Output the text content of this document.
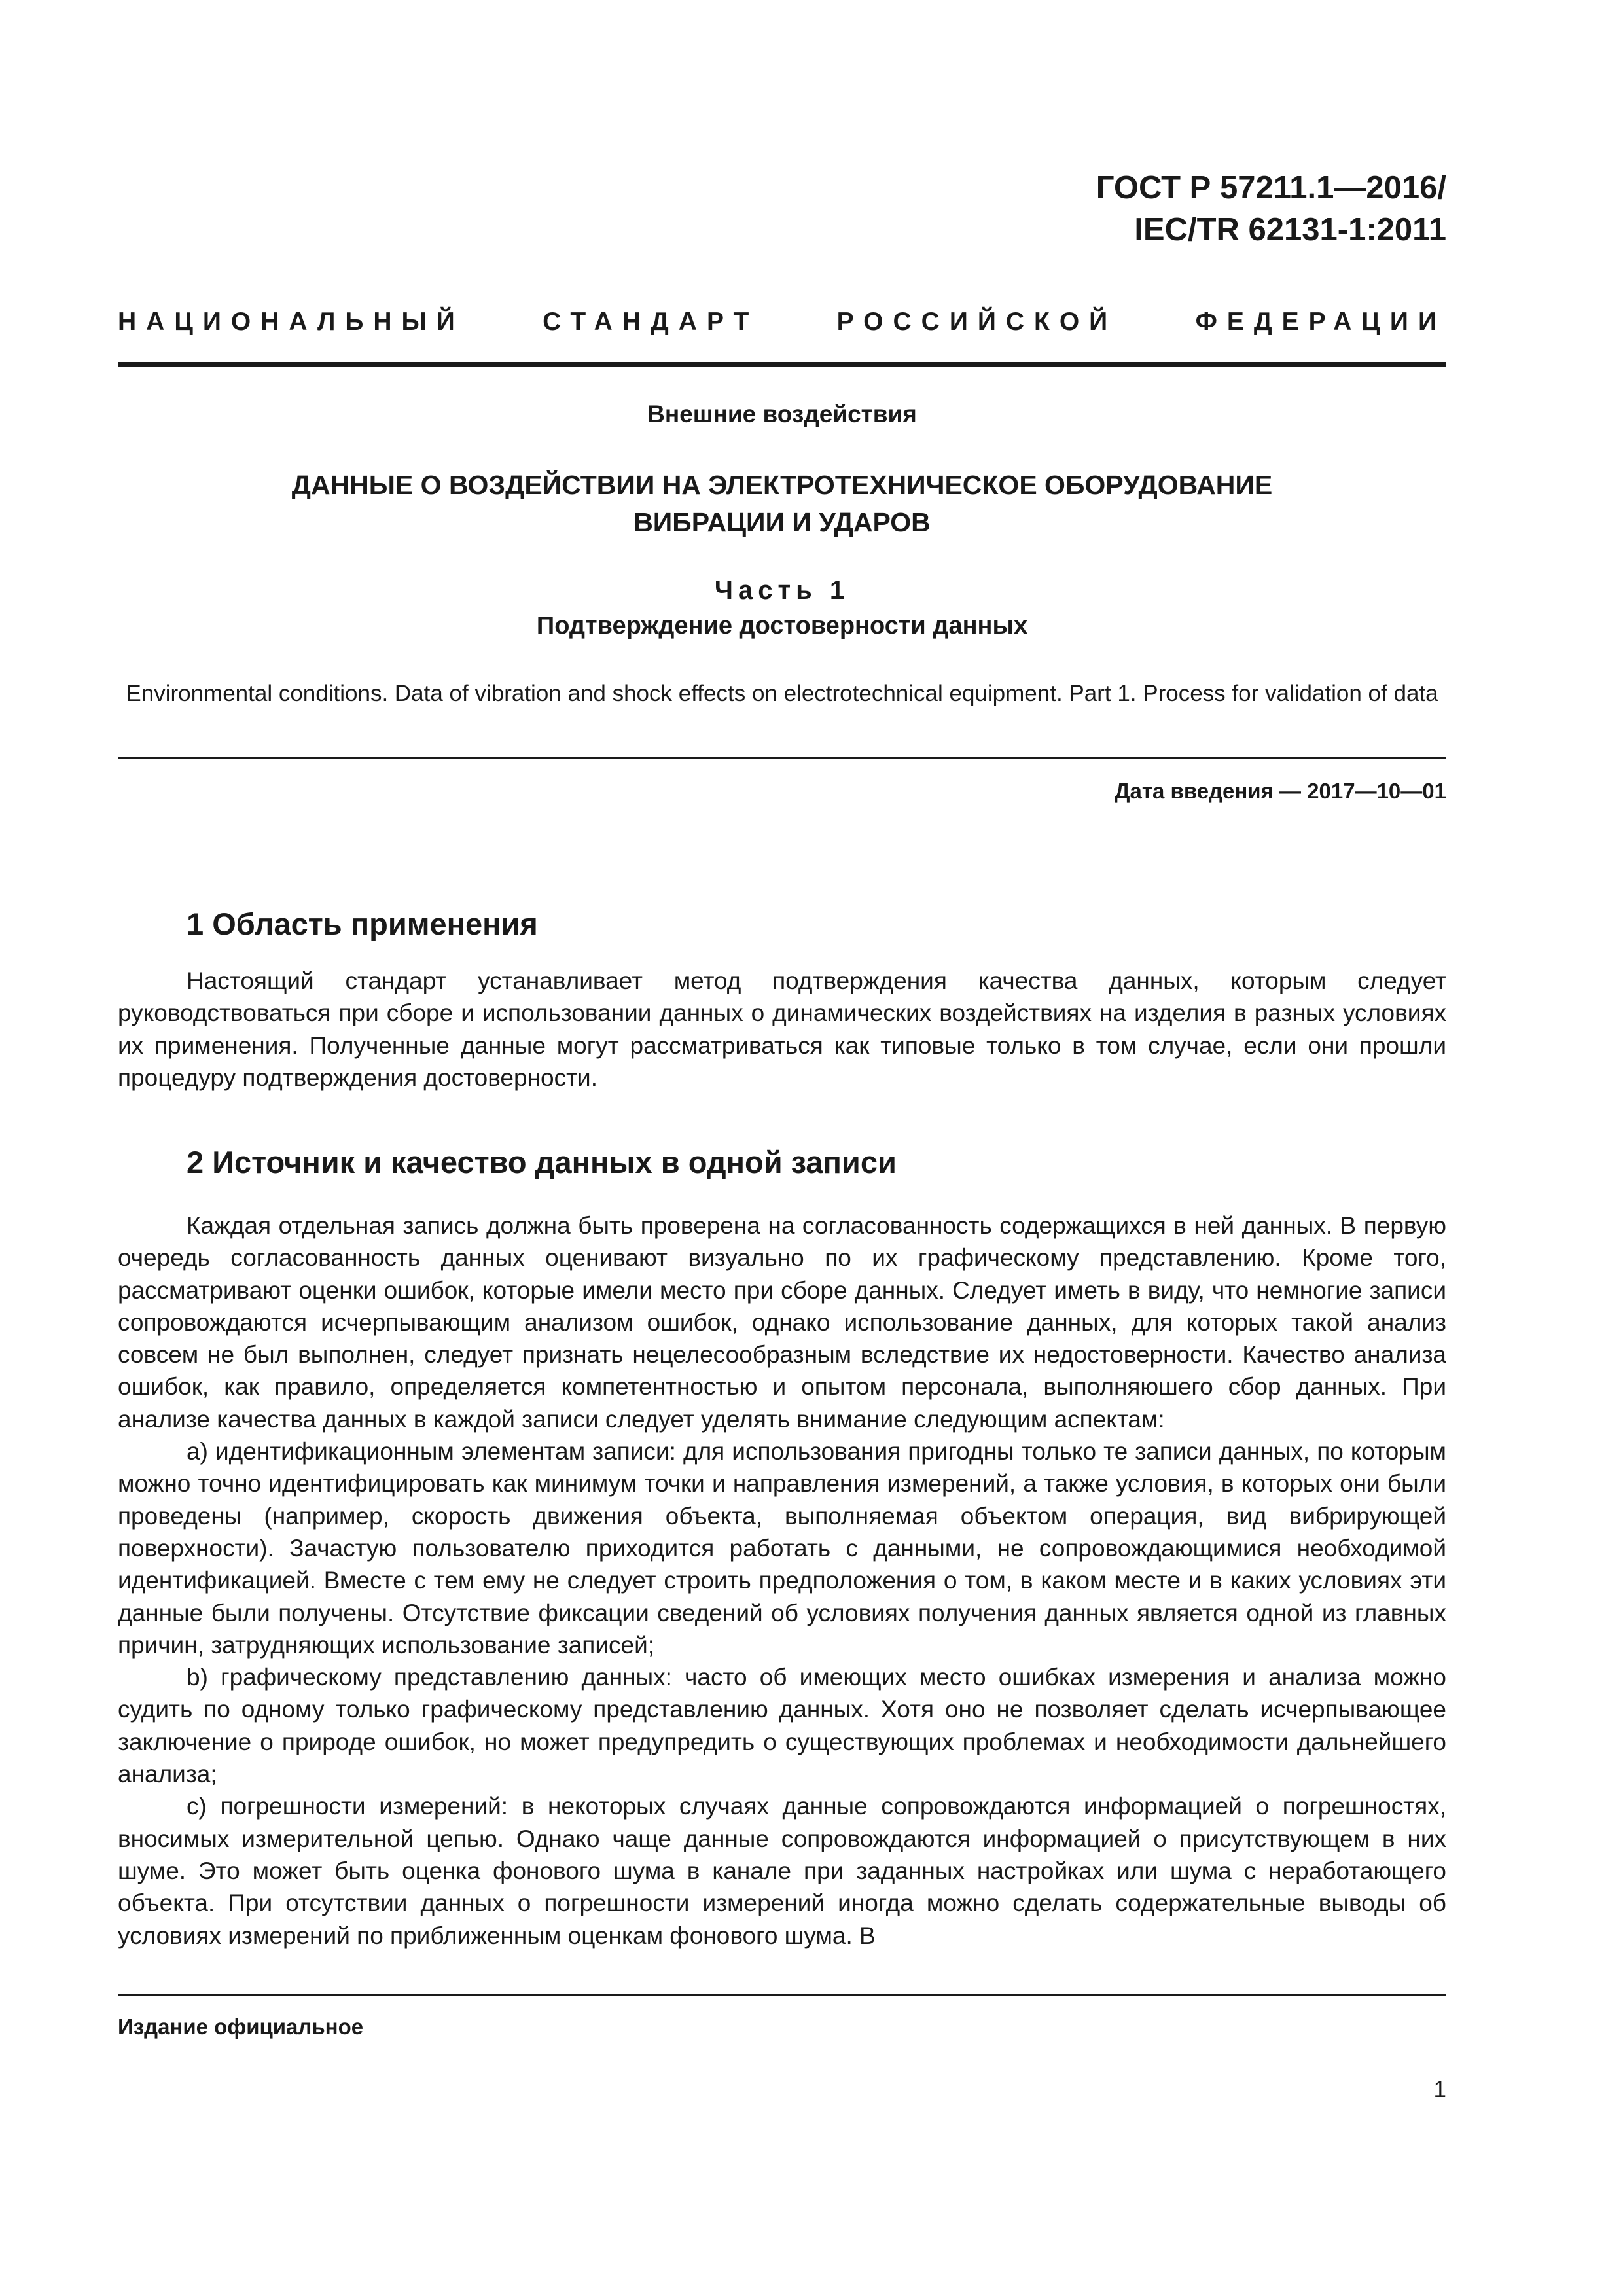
ГОСТ Р 57211.1—2016/
IEC/TR 62131-1:2011
НАЦИОНАЛЬНЫЙ	СТАНДАРТ	РОССИЙСКОЙ	ФЕДЕРАЦИИ
Внешние воздействия
ДАННЫЕ О ВОЗДЕЙСТВИИ НА ЭЛЕКТРОТЕХНИЧЕСКОЕ ОБОРУДОВАНИЕ
ВИБРАЦИИ И УДАРОВ
Часть 1
Подтверждение достоверности данных
Environmental conditions. Data of vibration and shock effects on electrotechnical equipment. Part 1. Process for validation of data
Дата введения — 2017—10—01
1 Область применения

Настоящий стандарт устанавливает метод подтверждения качества данных, которым следует руководствоваться при сборе и использовании данных о динамических воздействиях на изделия в разных условиях их применения. Полученные данные могут рассматриваться как типовые только в том случае, если они прошли процедуру подтверждения достоверности.

2 Источник и качество данных в одной записи

Каждая отдельная запись должна быть проверена на согласованность содержащихся в ней данных. В первую очередь согласованность данных оценивают визуально по их графическому представлению. Кроме того, рассматривают оценки ошибок, которые имели место при сборе данных. Следует иметь в виду, что немногие записи сопровождаются исчерпывающим анализом ошибок, однако использование данных, для которых такой анализ совсем не был выполнен, следует признать нецелесообразным вследствие их недостоверности. Качество анализа ошибок, как правило, определяется компетентностью и опытом персонала, выполняюшего сбор данных. При анализе качества данных в каждой записи следует уделять внимание следующим аспектам:

а) идентификационным элементам записи: для использования пригодны только те записи данных, по которым можно точно идентифицировать как минимум точки и направления измерений, а также условия, в которых они были проведены (например, скорость движения объекта, выполняемая объектом операция, вид вибрирующей поверхности). Зачастую пользователю приходится работать с данными, не сопровождающимися необходимой идентификацией. Вместе с тем ему не следует строить предположения о том, в каком месте и в каких условиях эти данные были получены. Отсутствие фиксации сведений об условиях получения данных является одной из главных причин, затрудняющих использование записей;

b) графическому представлению данных: часто об имеющих место ошибках измерения и анализа можно судить по одному только графическому представлению данных. Хотя оно не позволяет сделать исчерпывающее заключение о природе ошибок, но может предупредить о существующих проблемах и необходимости дальнейшего анализа;

c) погрешности измерений: в некоторых случаях данные сопровождаются информацией о погрешностях, вносимых измерительной цепью. Однако чаще данные сопровождаются информацией о присутствующем в них шуме. Это может быть оценка фонового шума в канале при заданных настройках или шума с неработающего объекта. При отсутствии данных о погрешности измерений иногда можно сделать содержательные выводы об условиях измерений по приближенным оценкам фонового шума. В

Издание официальное
1
